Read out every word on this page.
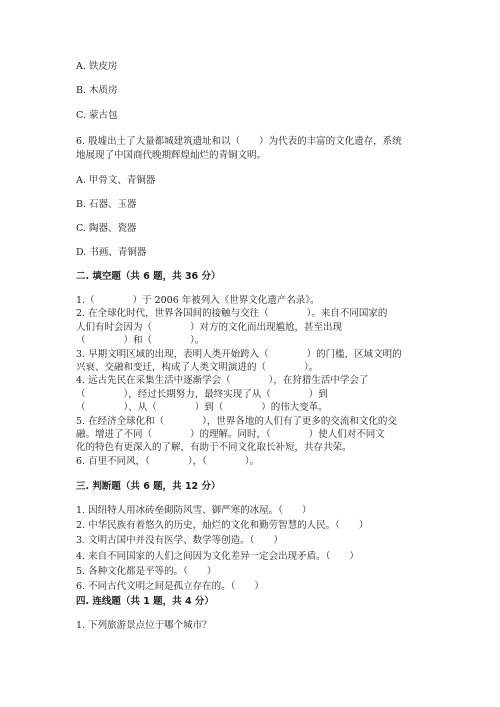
A. 铁皮房

B. 木质房

C. 蒙古包

6. 殷墟出土了大量都城建筑遗址和以（　　）为代表的丰富的文化遗存，系统

地展现了中国商代晚期辉煌灿烂的青铜文明。

A. 甲骨文、青铜器

B. 石器、玉器

C. 陶器、瓷器

D. 书画、青铜器

二. 填空题（共 6 题，共 36 分）

1.（　　　　）于 2006 年被列入《世界文化遗产名录》。

2. 在全球化时代，世界各国间的接触与交往（　　　　）。来自不同国家的

人们有时会因为（　　　　）对方的文化而出现尴尬，甚至出现

（　　　　）和（　　　　）。

3. 早期文明区域的出现，表明人类开始跨入（　　　　）的门槛，区域文明的

兴衰、交融和变迁，构成了人类文明演进的（　　　　）。

4. 远古先民在采集生活中逐渐学会（　　　　），在狩猎生活中学会了

（　　　　），经过长期努力，最终实现了从（　　　　）到

（　　　　）、从（　　　　）到（　　　　）的伟大变革。

5. 在经济全球化和（　　　　），世界各地的人们有了更多的交流和文化的交

融。增进了不同（　　　　）的理解。同时，（　　　　）使人们对不同文

化的特色有更深入的了解，有助于不同文化取长补短，共存共荣。

6. 百里不同风，（　　　　），（　　　　）。

三. 判断题（共 6 题，共 12 分）

1. 因纽特人用冰砖垒砌防风雪、御严寒的冰屋。（　　）

2. 中华民族有着悠久的历史，灿烂的文化和勤劳智慧的人民。（　　）

3. 文明古国中并没有医学、数学等创造。（　　）

4. 来自不同国家的人们之间因为文化差异一定会出现矛盾。（　　）

5. 各种文化都是平等的。（　　）

6. 不同古代文明之间是孤立存在的。（　　）

四. 连线题（共 1 题，共 4 分）

1. 下列旅游景点位于哪个城市？
